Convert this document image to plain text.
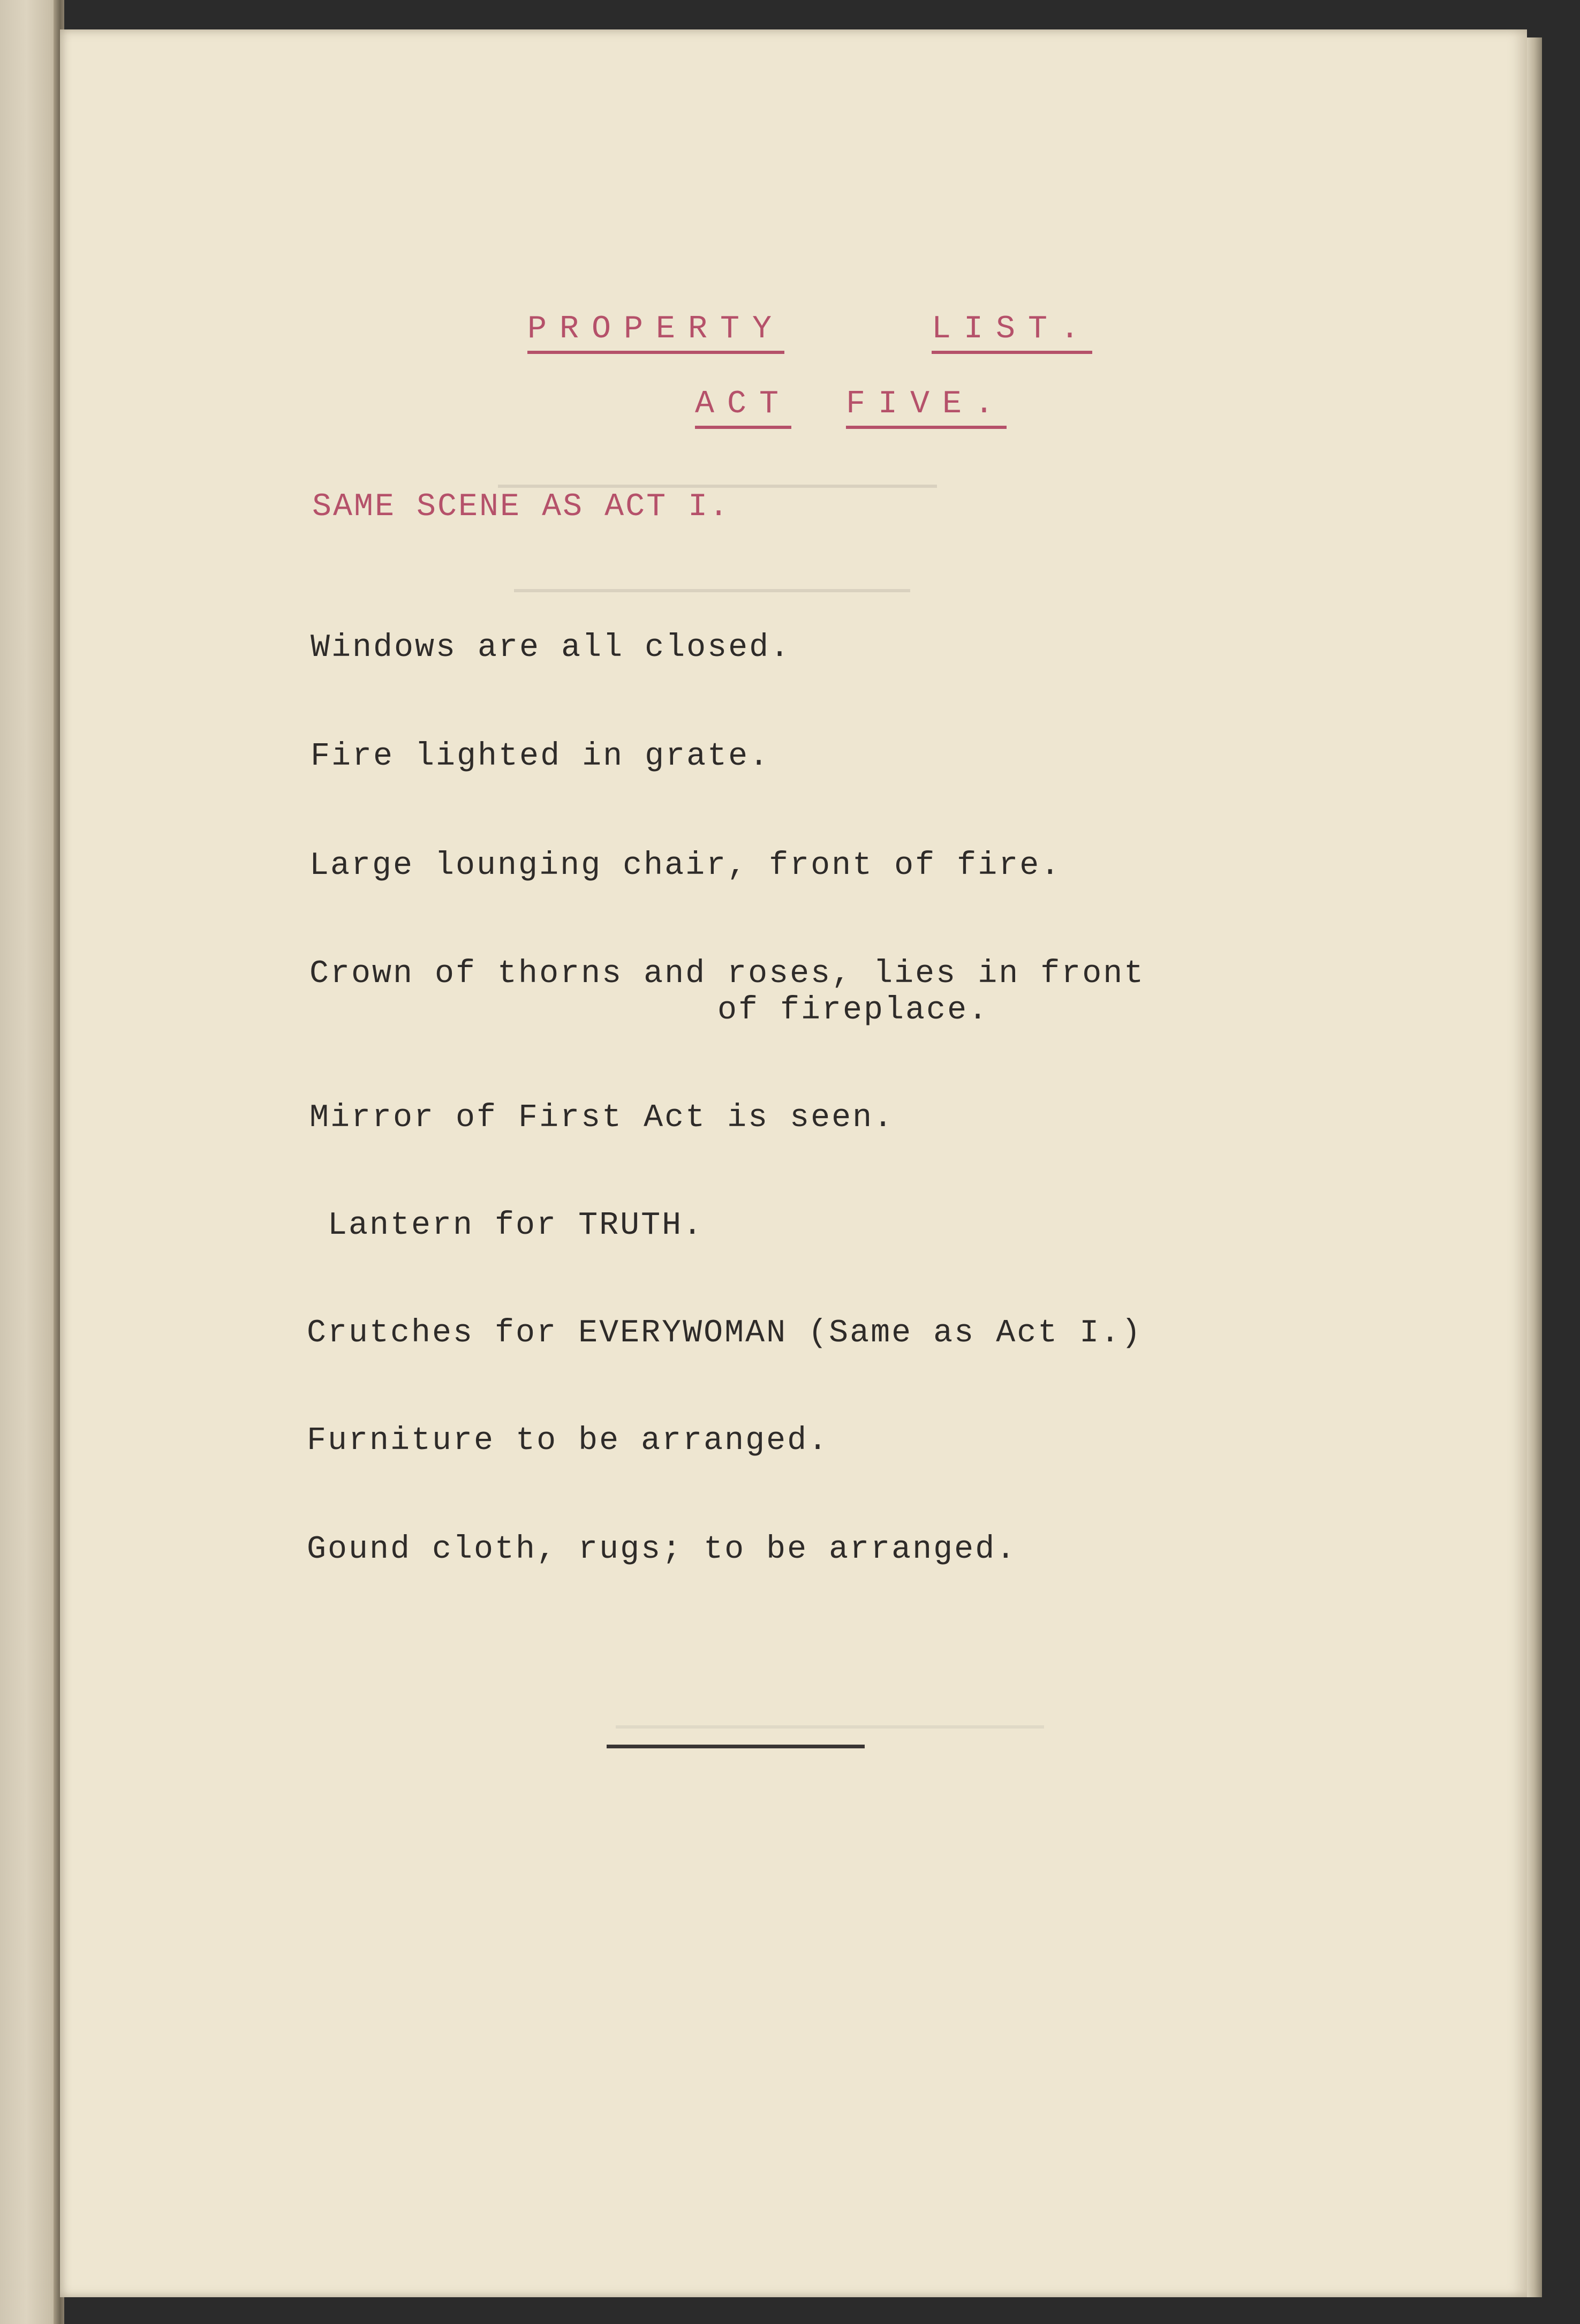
PROPERTY	LIST.
ACT FIVE.
SAME SCENE AS ACT I.
Windows are all closed.
Fire lighted in grate.
Large lounging chair, front of fire.
Crown of thorns and roses, lies in front
of fireplace.
Mirror of First Act is seen.
Lantern for TRUTH.
Crutches for EVERYWOMAN (Same as Act I.)
Furniture to be arranged.
Gound cloth, rugs; to be arranged.
